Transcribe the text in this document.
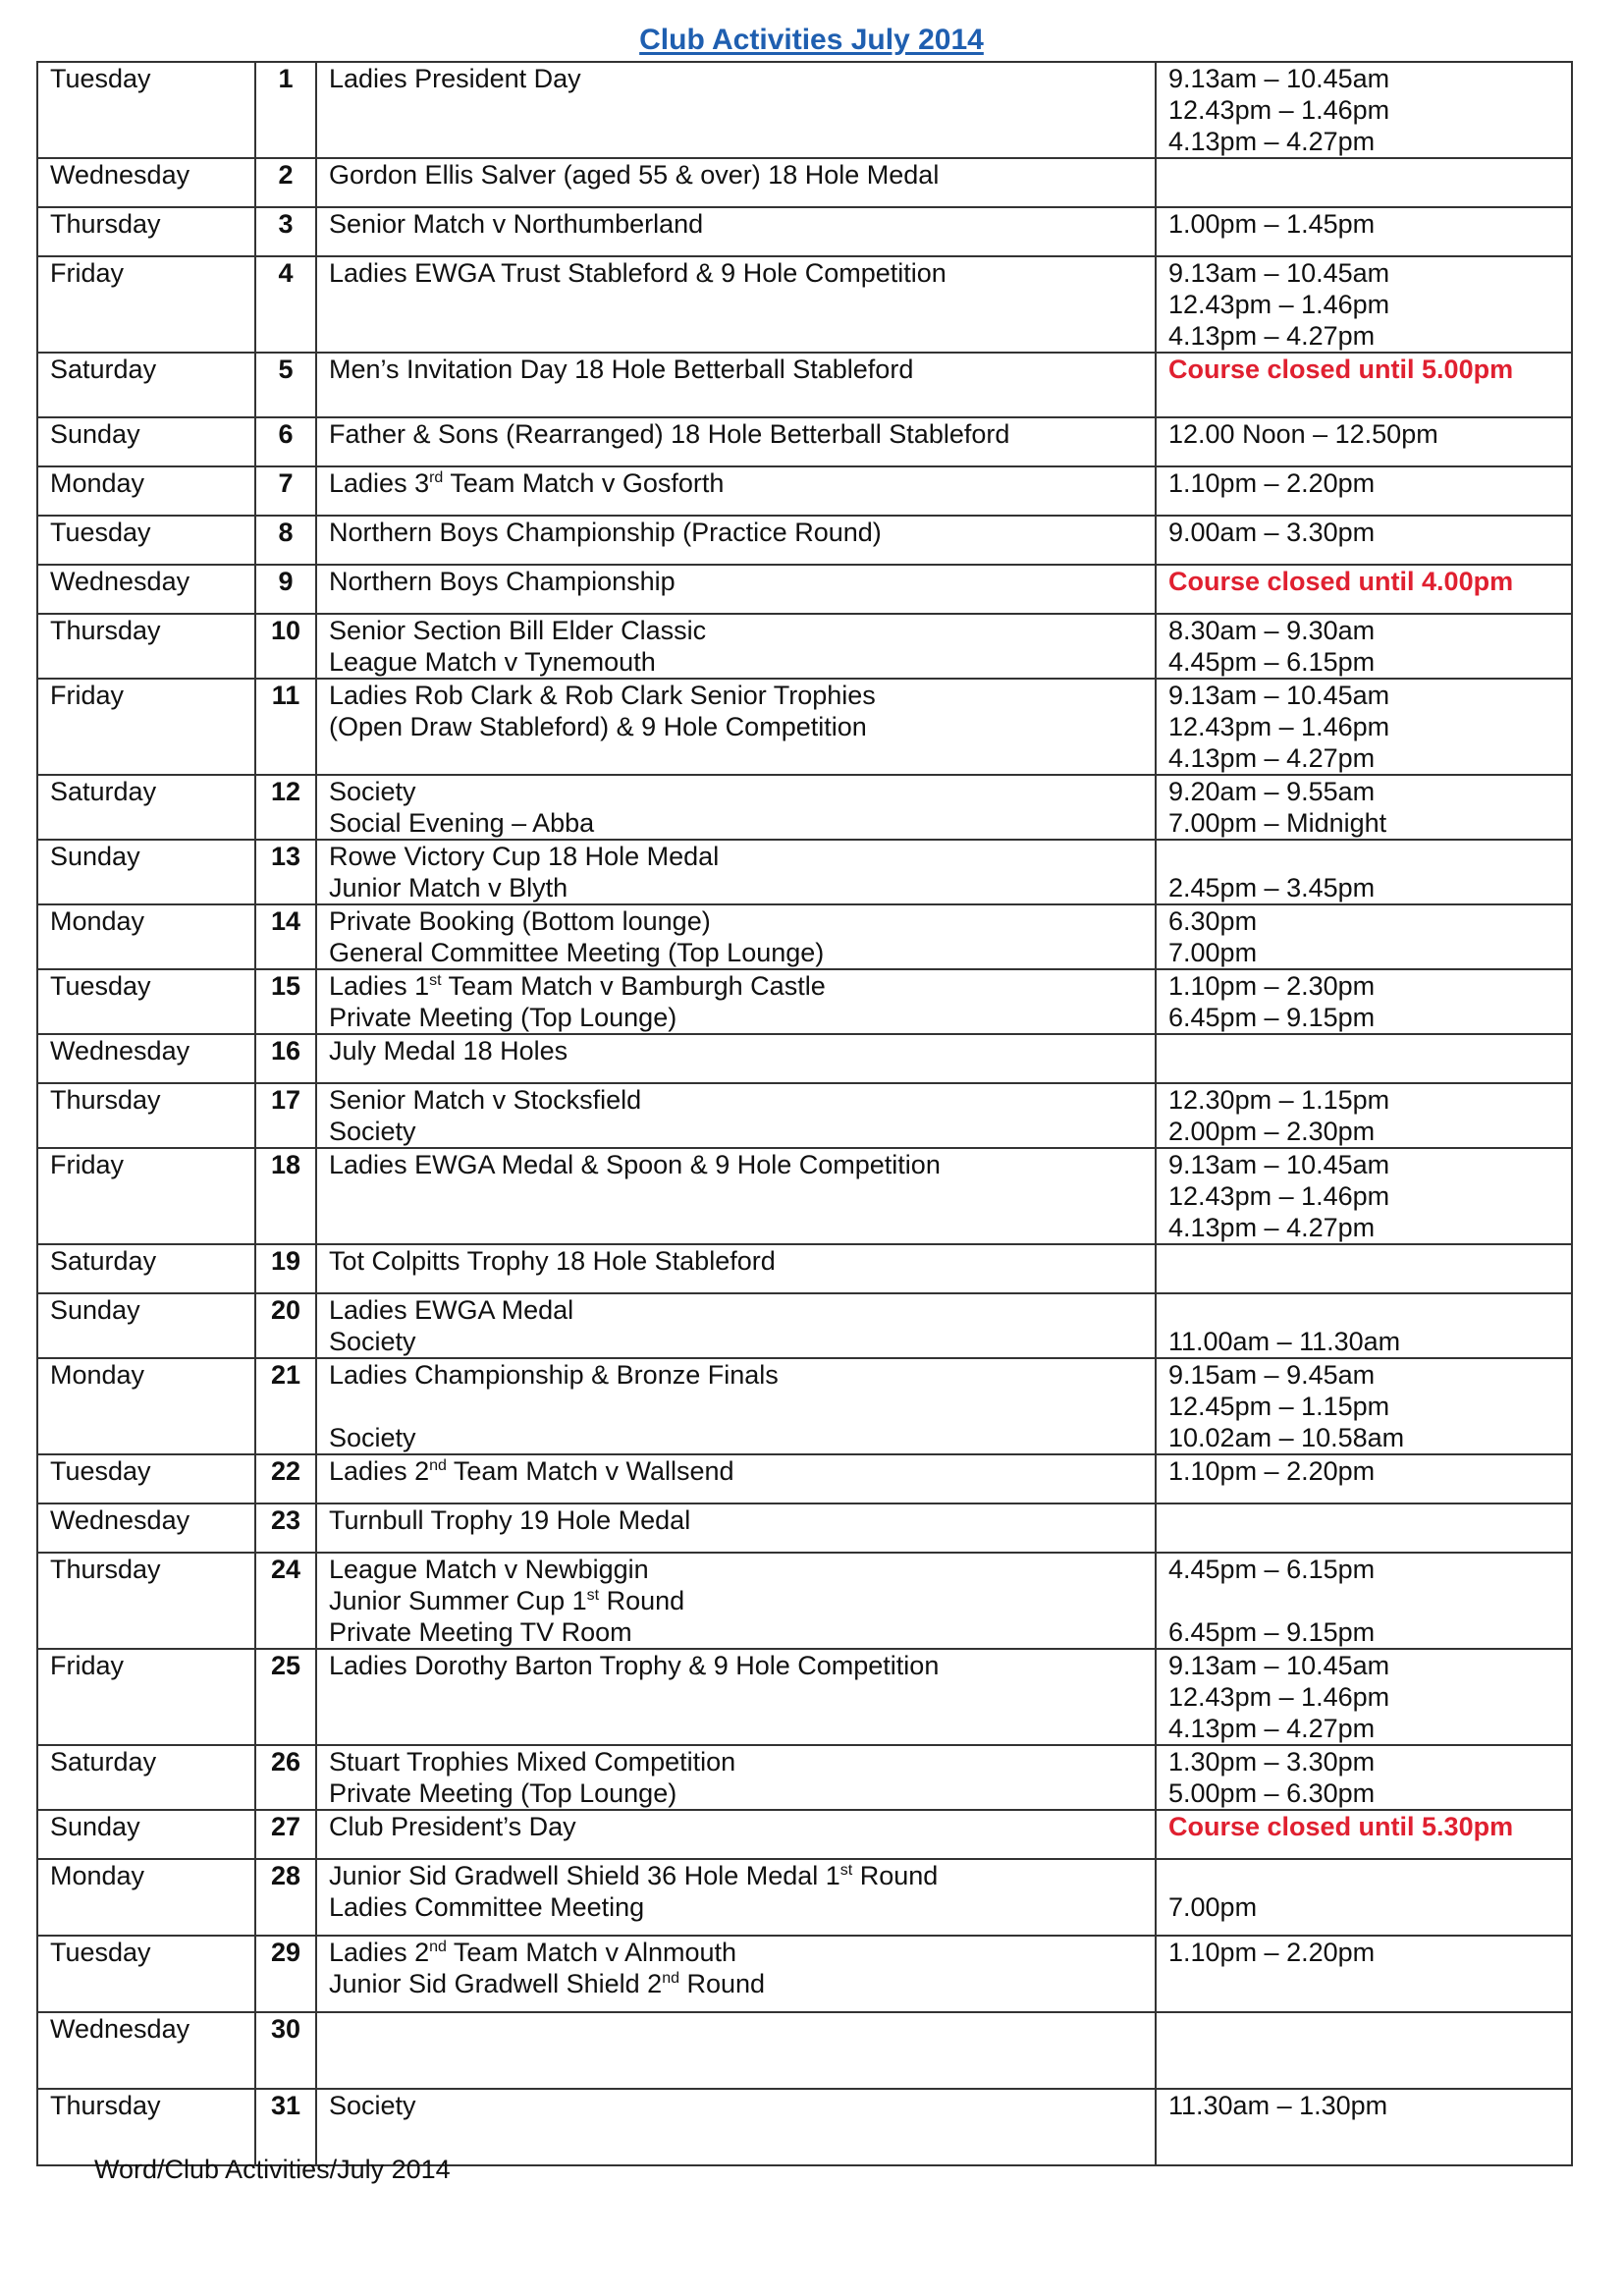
Club Activities July 2014
Tuesday	1	Ladies President Day	9.13am – 10.45am
12.43pm – 1.46pm
4.13pm – 4.27pm

Wednesday	2	Gordon Ellis Salver (aged 55 & over) 18 Hole Medal	

Thursday	3	Senior Match v Northumberland	1.00pm – 1.45pm

Friday	4	Ladies EWGA Trust Stableford & 9 Hole Competition	9.13am – 10.45am
12.43pm – 1.46pm
4.13pm – 4.27pm

Saturday	5	Men’s Invitation Day 18 Hole Betterball Stableford	Course closed until 5.00pm

Sunday	6	Father & Sons (Rearranged) 18 Hole Betterball Stableford	12.00 Noon – 12.50pm

Monday	7	Ladies 3rd Team Match v Gosforth	1.10pm – 2.20pm

Tuesday	8	Northern Boys Championship (Practice Round)	9.00am – 3.30pm

Wednesday	9	Northern Boys Championship	Course closed until 4.00pm

Thursday	10	Senior Section Bill Elder Classic
League Match v Tynemouth	8.30am – 9.30am
4.45pm – 6.15pm

Friday	11	Ladies Rob Clark & Rob Clark Senior Trophies
(Open Draw Stableford) & 9 Hole Competition	9.13am – 10.45am
12.43pm – 1.46pm
4.13pm – 4.27pm

Saturday	12	Society
Social Evening – Abba	9.20am – 9.55am
7.00pm – Midnight

Sunday	13	Rowe Victory Cup 18 Hole Medal
Junior Match v Blyth	2.45pm – 3.45pm

Monday	14	Private Booking (Bottom lounge)
General Committee Meeting (Top Lounge)	6.30pm
7.00pm

Tuesday	15	Ladies 1st Team Match v Bamburgh Castle
Private Meeting (Top Lounge)	1.10pm – 2.30pm
6.45pm – 9.15pm

Wednesday	16	July Medal 18 Holes	

Thursday	17	Senior Match v Stocksfield
Society	12.30pm – 1.15pm
2.00pm – 2.30pm

Friday	18	Ladies EWGA Medal & Spoon & 9 Hole Competition	9.13am – 10.45am
12.43pm – 1.46pm
4.13pm – 4.27pm

Saturday	19	Tot Colpitts Trophy 18 Hole Stableford	

Sunday	20	Ladies EWGA Medal
Society	11.00am – 11.30am

Monday	21	Ladies Championship & Bronze Finals

Society	9.15am – 9.45am
12.45pm – 1.15pm
10.02am – 10.58am

Tuesday	22	Ladies 2nd Team Match v Wallsend	1.10pm – 2.20pm

Wednesday	23	Turnbull Trophy 19 Hole Medal	

Thursday	24	League Match v Newbiggin
Junior Summer Cup 1st Round
Private Meeting TV Room	4.45pm – 6.15pm

6.45pm – 9.15pm

Friday	25	Ladies Dorothy Barton Trophy & 9 Hole Competition	9.13am – 10.45am
12.43pm – 1.46pm
4.13pm – 4.27pm

Saturday	26	Stuart Trophies Mixed Competition
Private Meeting (Top Lounge)	1.30pm – 3.30pm
5.00pm – 6.30pm

Sunday	27	Club President’s Day	Course closed until 5.30pm

Monday	28	Junior Sid Gradwell Shield 36 Hole Medal 1st Round
Ladies Committee Meeting	7.00pm

Tuesday	29	Ladies 2nd Team Match v Alnmouth
Junior Sid Gradwell Shield 2nd Round	1.10pm – 2.20pm

Wednesday	30		
Thursday	31	Society	11.30am – 1.30pm
Word/Club Activities/July 2014
